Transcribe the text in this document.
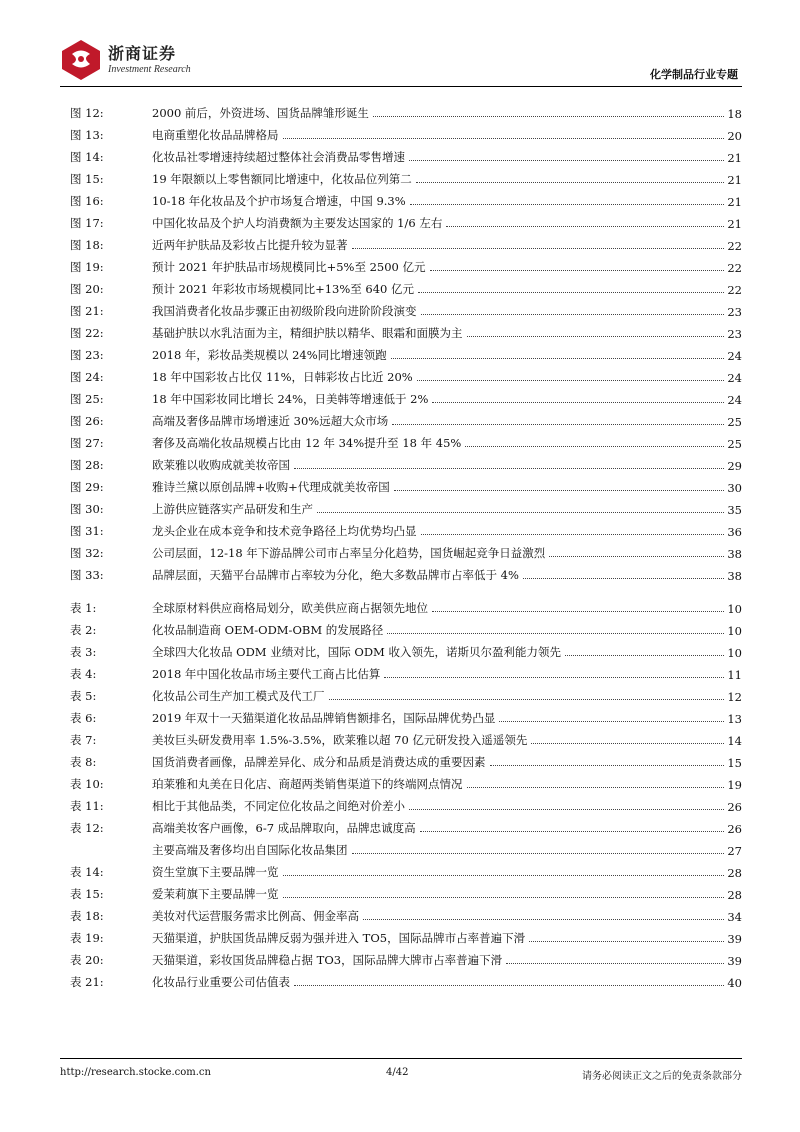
浙商证券
Investment Research	化学制品行业专题
图 12:	2000 前后，外资进场、国货品牌雏形诞生	18
图 13:	电商重塑化妆品品牌格局	20
图 14:	化妆品社零增速持续超过整体社会消费品零售增速	21
图 15:	19 年限额以上零售额同比增速中，化妆品位列第二	21
图 16:	10-18 年化妆品及个护市场复合增速，中国 9.3%	21
图 17:	中国化妆品及个护人均消费额为主要发达国家的 1/6 左右	21
图 18:	近两年护肤品及彩妆占比提升较为显著	22
图 19:	预计 2021 年护肤品市场规模同比+5%至 2500 亿元	22
图 20:	预计 2021 年彩妆市场规模同比+13%至 640 亿元	22
图 21:	我国消费者化妆品步骤正由初级阶段向进阶阶段演变	23
图 22:	基础护肤以水乳洁面为主，精细护肤以精华、眼霜和面膜为主	23
图 23:	2018 年，彩妆品类规模以 24%同比增速领跑	24
图 24:	18 年中国彩妆占比仅 11%，日韩彩妆占比近 20%	24
图 25:	18 年中国彩妆同比增长 24%，日美韩等增速低于 2%	24
图 26:	高端及奢侈品牌市场增速近 30%远超大众市场	25
图 27:	奢侈及高端化妆品规模占比由 12 年 34%提升至 18 年 45%	25
图 28:	欧莱雅以收购成就美妆帝国	29
图 29:	雅诗兰黛以原创品牌+收购+代理成就美妆帝国	30
图 30:	上游供应链落实产品研发和生产	35
图 31:	龙头企业在成本竞争和技术竞争路径上均优势均凸显	36
图 32:	公司层面，12-18 年下游品牌公司市占率呈分化趋势，国货崛起竞争日益激烈	38
图 33:	品牌层面，天猫平台品牌市占率较为分化，绝大多数品牌市占率低于 4%	38
表 1:	全球原材料供应商格局划分，欧美供应商占据领先地位	10
表 2:	化妆品制造商 OEM-ODM-OBM 的发展路径	10
表 3:	全球四大化妆品 ODM 业绩对比，国际 ODM 收入领先，诺斯贝尔盈利能力领先	10
表 4:	2018 年中国化妆品市场主要代工商占比估算	11
表 5:	化妆品公司生产加工模式及代工厂	12
表 6:	2019 年双十一天猫渠道化妆品品牌销售额排名，国际品牌优势凸显	13
表 7:	美妆巨头研发费用率 1.5%-3.5%，欧莱雅以超 70 亿元研发投入遥遥领先	14
表 8:	国货消费者画像，品牌差异化、成分和品质是消费达成的重要因素	15
表 10:	珀莱雅和丸美在日化店、商超两类销售渠道下的终端网点情况	19
表 11:	相比于其他品类，不同定位化妆品之间绝对价差小	26
表 12:	高端美妆客户画像，6-7 成品牌取向，品牌忠诚度高	26
主要高端及奢侈均出自国际化妆品集团	27
表 14:	资生堂旗下主要品牌一览	28
表 15:	爱茉莉旗下主要品牌一览	28
表 18:	美妆对代运营服务需求比例高、佣金率高	34
表 19:	天猫渠道，护肤国货品牌反弱为强并进入 TO5，国际品牌市占率普遍下滑	39
表 20:	天猫渠道，彩妆国货品牌稳占据 TO3，国际品牌大牌市占率普遍下滑	39
表 21:	化妆品行业重要公司估值表	40
http://research.stocke.com.cn	4/42	请务必阅读正文之后的免责条款部分
